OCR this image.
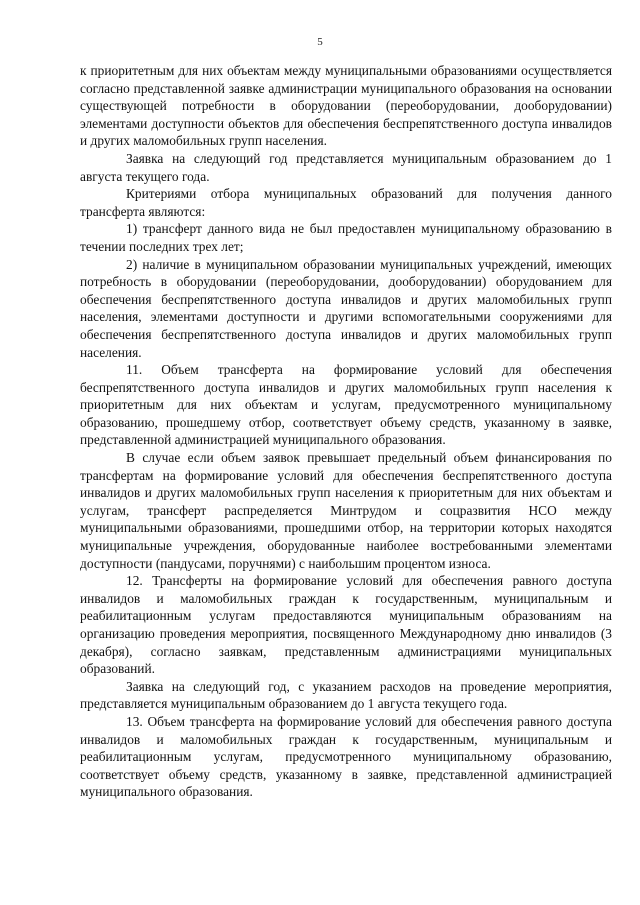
5

к приоритетным для них объектам между муниципальными образованиями осуществляется согласно представленной заявке администрации муниципального образования на основании существующей потребности в оборудовании (переоборудовании, дооборудовании) элементами доступности объектов для обеспечения беспрепятственного доступа инвалидов и других маломобильных групп населения.

Заявка на следующий год представляется муниципальным образованием до 1 августа текущего года.

Критериями отбора муниципальных образований для получения данного трансферта являются:

1) трансферт данного вида не был предоставлен муниципальному образованию в течении последних трех лет;

2) наличие в муниципальном образовании муниципальных учреждений, имеющих потребность в оборудовании (переоборудовании, дооборудовании) оборудованием для обеспечения беспрепятственного доступа инвалидов и других маломобильных групп населения, элементами доступности и другими вспомогательными сооружениями для обеспечения беспрепятственного доступа инвалидов и других маломобильных групп населения.

11. Объем трансферта на формирование условий для обеспечения беспрепятственного доступа инвалидов и других маломобильных групп населения к приоритетным для них объектам и услугам, предусмотренного муниципальному образованию, прошедшему отбор, соответствует объему средств, указанному в заявке, представленной администрацией муниципального образования.

В случае если объем заявок превышает предельный объем финансирования по трансфертам на формирование условий для обеспечения беспрепятственного доступа инвалидов и других маломобильных групп населения к приоритетным для них объектам и услугам, трансферт распределяется Минтрудом и соцразвития НСО между муниципальными образованиями, прошедшими отбор, на территории которых находятся муниципальные учреждения, оборудованные наиболее востребованными элементами доступности (пандусами, поручнями) с наибольшим процентом износа.

12. Трансферты на формирование условий для обеспечения равного доступа инвалидов и маломобильных граждан к государственным, муниципальным и реабилитационным услугам предоставляются муниципальным образованиям на организацию проведения мероприятия, посвященного Международному дню инвалидов (3 декабря), согласно заявкам, представленным администрациями муниципальных образований.

Заявка на следующий год, с указанием расходов на проведение мероприятия, представляется муниципальным образованием до 1 августа текущего года.

13. Объем трансферта на формирование условий для обеспечения равного доступа инвалидов и маломобильных граждан к государственным, муниципальным и реабилитационным услугам, предусмотренного муниципальному образованию, соответствует объему средств, указанному в заявке, представленной администрацией муниципального образования.
